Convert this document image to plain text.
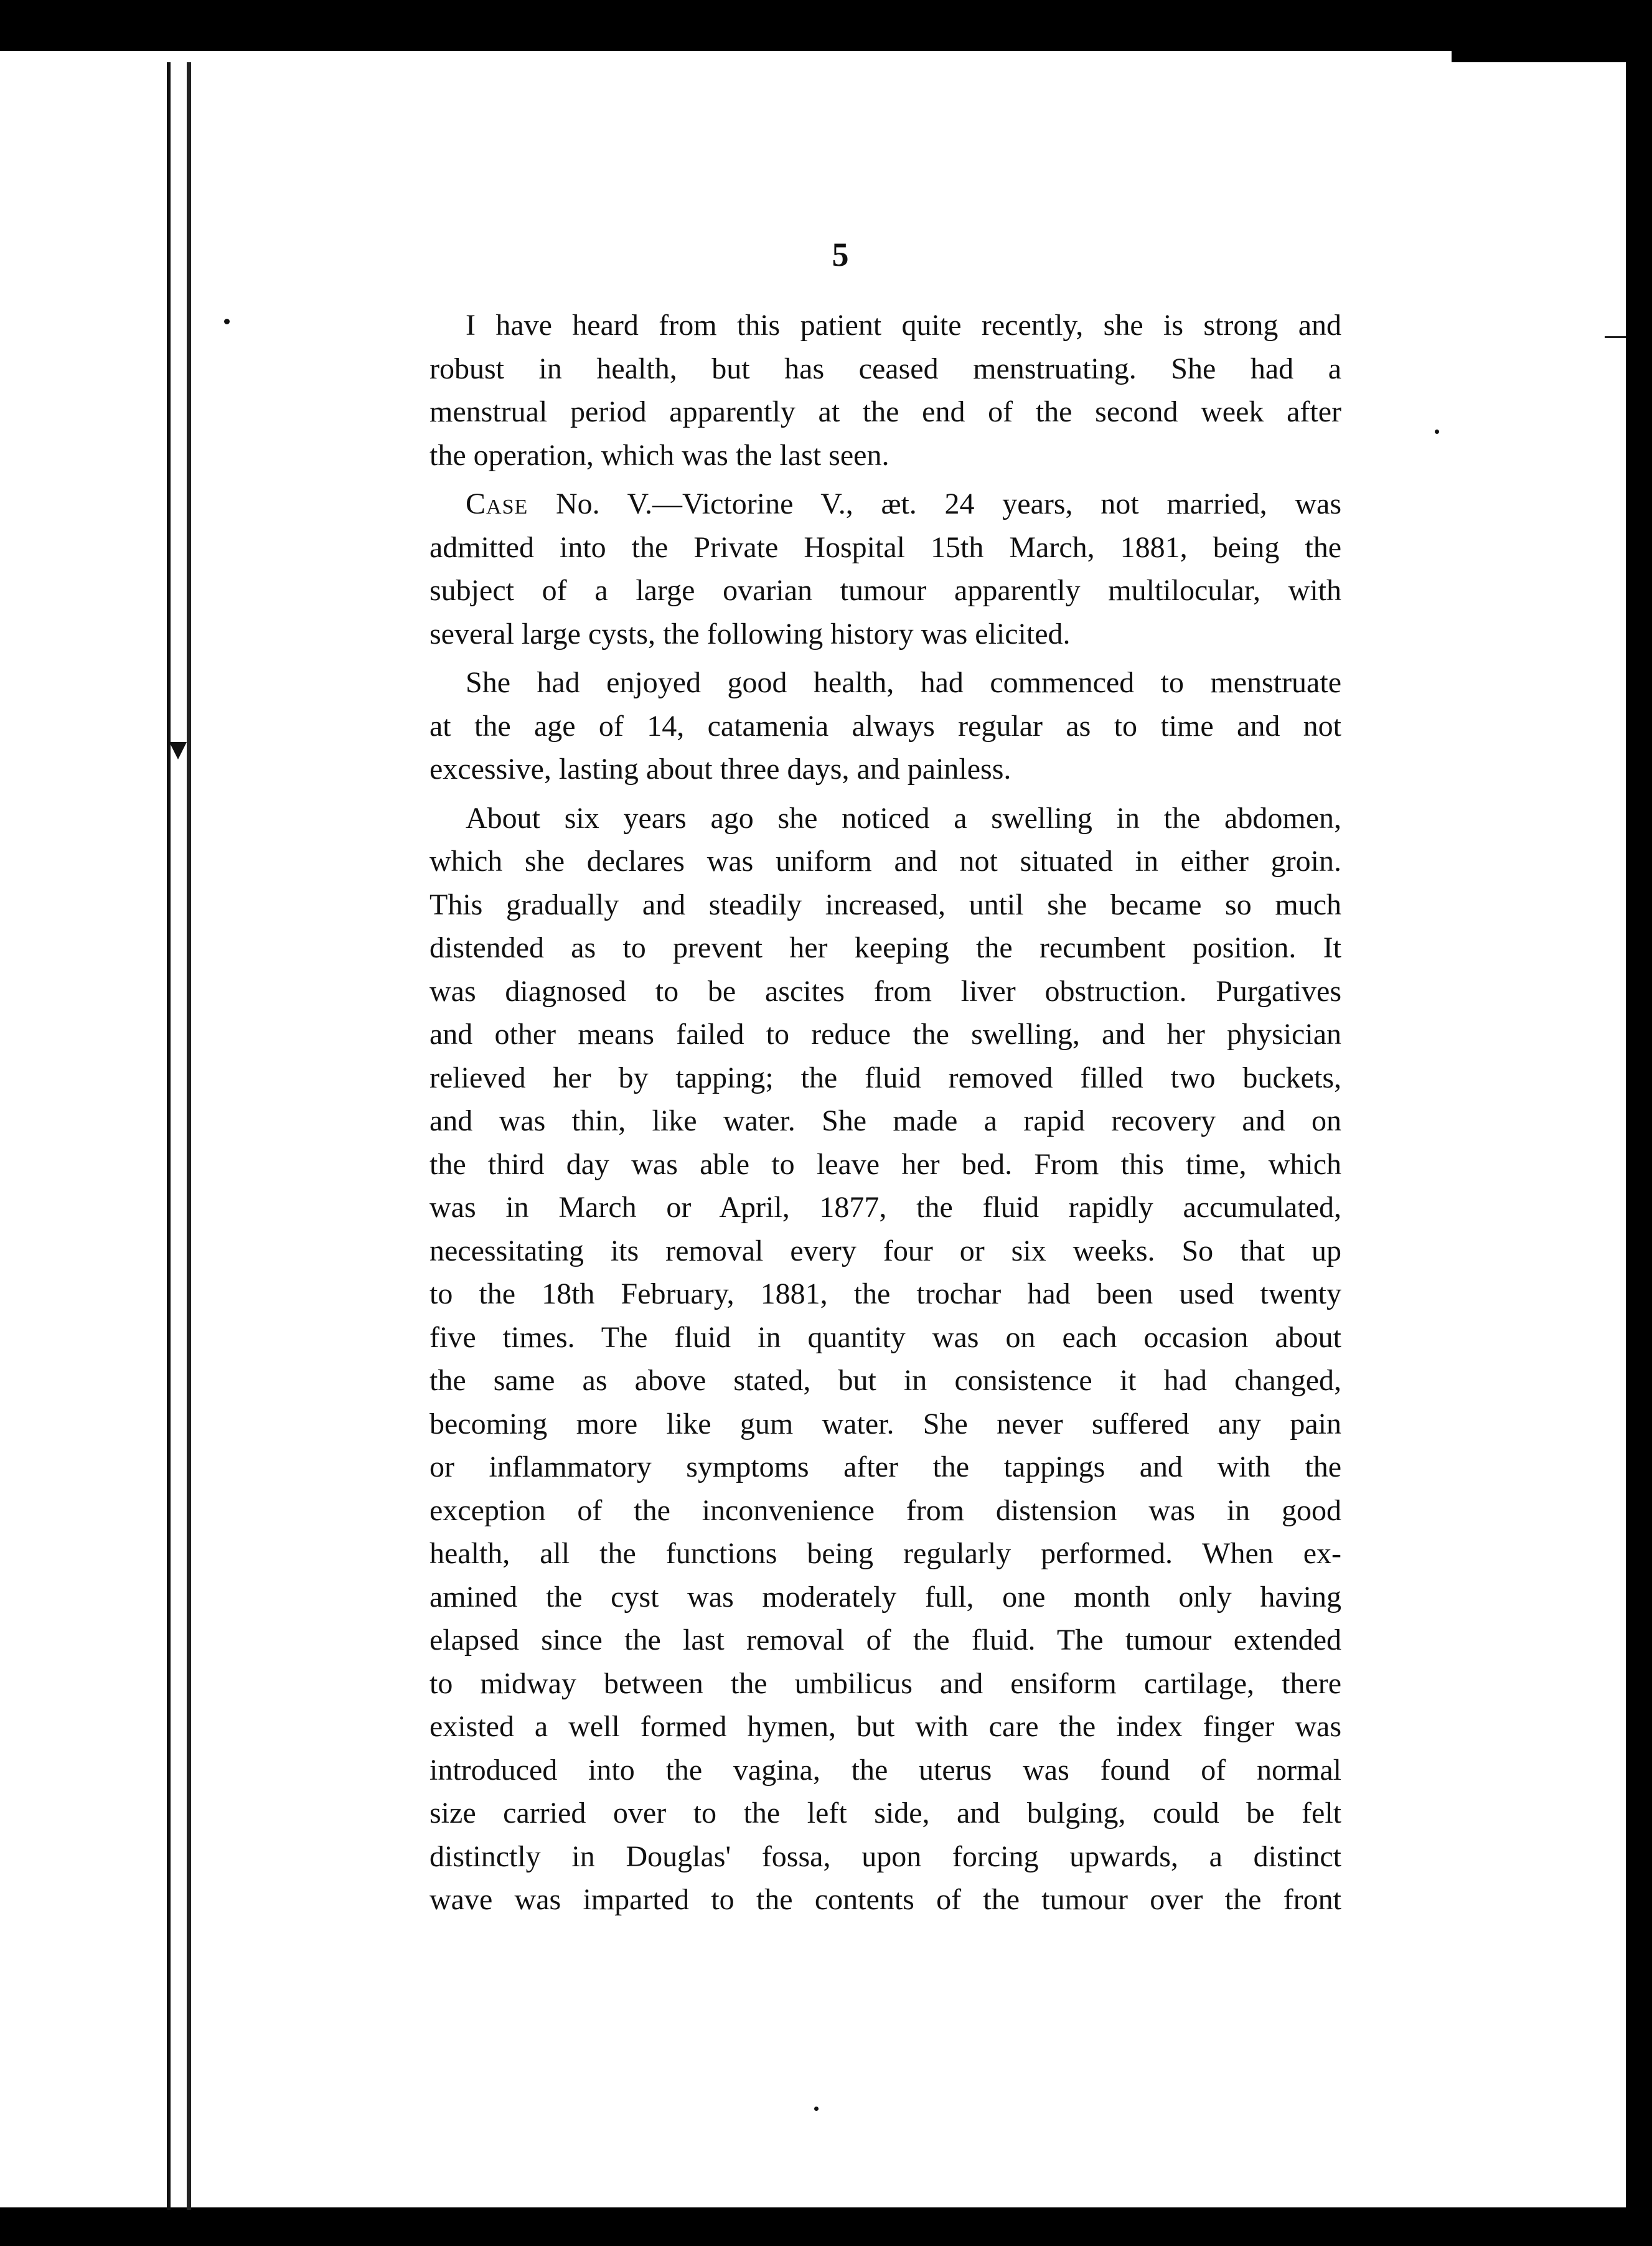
5

I have heard from this patient quite recently, she is strong and
robust in health, but has ceased menstruating. She had a
menstrual period apparently at the end of the second week after
the operation, which was the last seen.

Case No. V.—Victorine V., æt. 24 years, not married, was
admitted into the Private Hospital 15th March, 1881, being the
subject of a large ovarian tumour apparently multilocular, with
several large cysts, the following history was elicited.

She had enjoyed good health, had commenced to menstruate
at the age of 14, catamenia always regular as to time and not
excessive, lasting about three days, and painless.

About six years ago she noticed a swelling in the abdomen,
which she declares was uniform and not situated in either groin.
This gradually and steadily increased, until she became so much
distended as to prevent her keeping the recumbent position. It
was diagnosed to be ascites from liver obstruction. Purgatives
and other means failed to reduce the swelling, and her physician
relieved her by tapping; the fluid removed filled two buckets,
and was thin, like water. She made a rapid recovery and on
the third day was able to leave her bed. From this time, which
was in March or April, 1877, the fluid rapidly accumulated,
necessitating its removal every four or six weeks. So that up
to the 18th February, 1881, the trochar had been used twenty
five times. The fluid in quantity was on each occasion about
the same as above stated, but in consistence it had changed,
becoming more like gum water. She never suffered any pain
or inflammatory symptoms after the tappings and with the
exception of the inconvenience from distension was in good
health, all the functions being regularly performed. When ex-
amined the cyst was moderately full, one month only having
elapsed since the last removal of the fluid. The tumour extended
to midway between the umbilicus and ensiform cartilage, there
existed a well formed hymen, but with care the index finger was
introduced into the vagina, the uterus was found of normal
size carried over to the left side, and bulging, could be felt
distinctly in Douglas' fossa, upon forcing upwards, a distinct
wave was imparted to the contents of the tumour over the front
